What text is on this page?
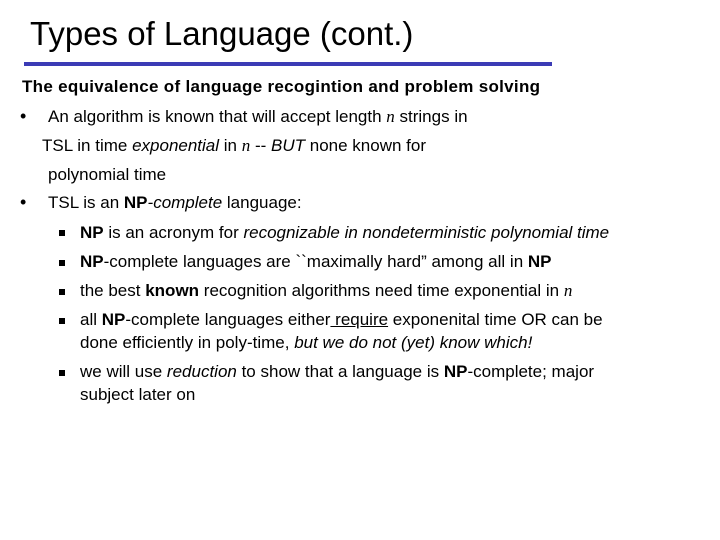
Types of Language (cont.)
The equivalence of language recogintion and problem solving
• An algorithm is known that will accept length n strings in
TSL in time exponential in n -- BUT none known for
polynomial time
• TSL is an NP-complete language:
NP is an acronym for recognizable in nondeterministic polynomial time
NP-complete languages are ``maximally hard” among all in NP
the best known recognition algorithms need time exponential in n
all NP-complete languages either require exponenital time OR can be
done efficiently in poly-time, but we do not (yet) know which!
we will use reduction to show that a language is NP-complete; major
subject later on
